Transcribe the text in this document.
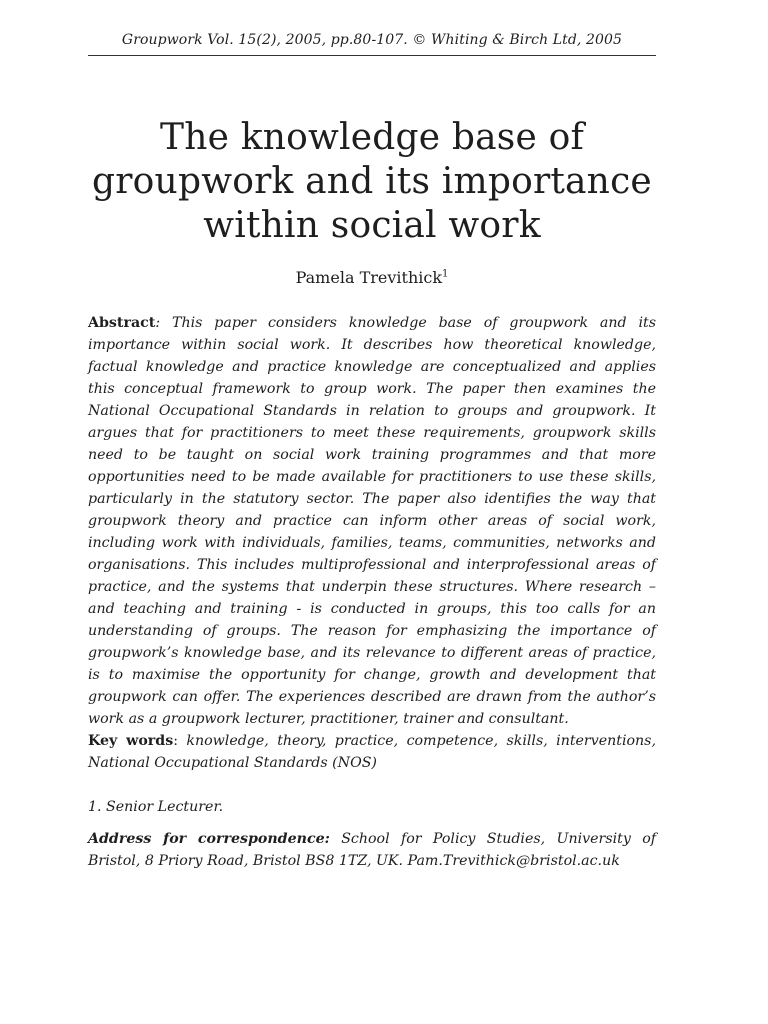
Groupwork Vol. 15(2), 2005, pp.80-107. © Whiting & Birch Ltd, 2005
The knowledge base of
groupwork and its importance
within social work
Pamela Trevithick$^1$

Abstract: This paper considers knowledge base of groupwork and its importance within social work. It describes how theoretical knowledge, factual knowledge and practice knowledge are conceptualized and applies this conceptual framework to group work. The paper then examines the National Occupational Standards in relation to groups and groupwork. It argues that for practitioners to meet these requirements, groupwork skills need to be taught on social work training programmes and that more opportunities need to be made available for practitioners to use these skills, particularly in the statutory sector. The paper also identifies the way that groupwork theory and practice can inform other areas of social work, including work with individuals, families, teams, communities, networks and organisations. This includes multiprofessional and interprofessional areas of practice, and the systems that underpin these structures. Where research – and teaching and training - is conducted in groups, this too calls for an understanding of groups. The reason for emphasizing the importance of groupwork’s knowledge base, and its relevance to different areas of practice, is to maximise the opportunity for change, growth and development that groupwork can offer. The experiences described are drawn from the author’s work as a groupwork lecturer, practitioner, trainer and consultant.

Key words: knowledge, theory, practice, competence, skills, interventions, National Occupational Standards (NOS)

1. Senior Lecturer.

Address for correspondence: School for Policy Studies, University of Bristol, 8 Priory Road, Bristol BS8 1TZ, UK. Pam.Trevithick@bristol.ac.uk
